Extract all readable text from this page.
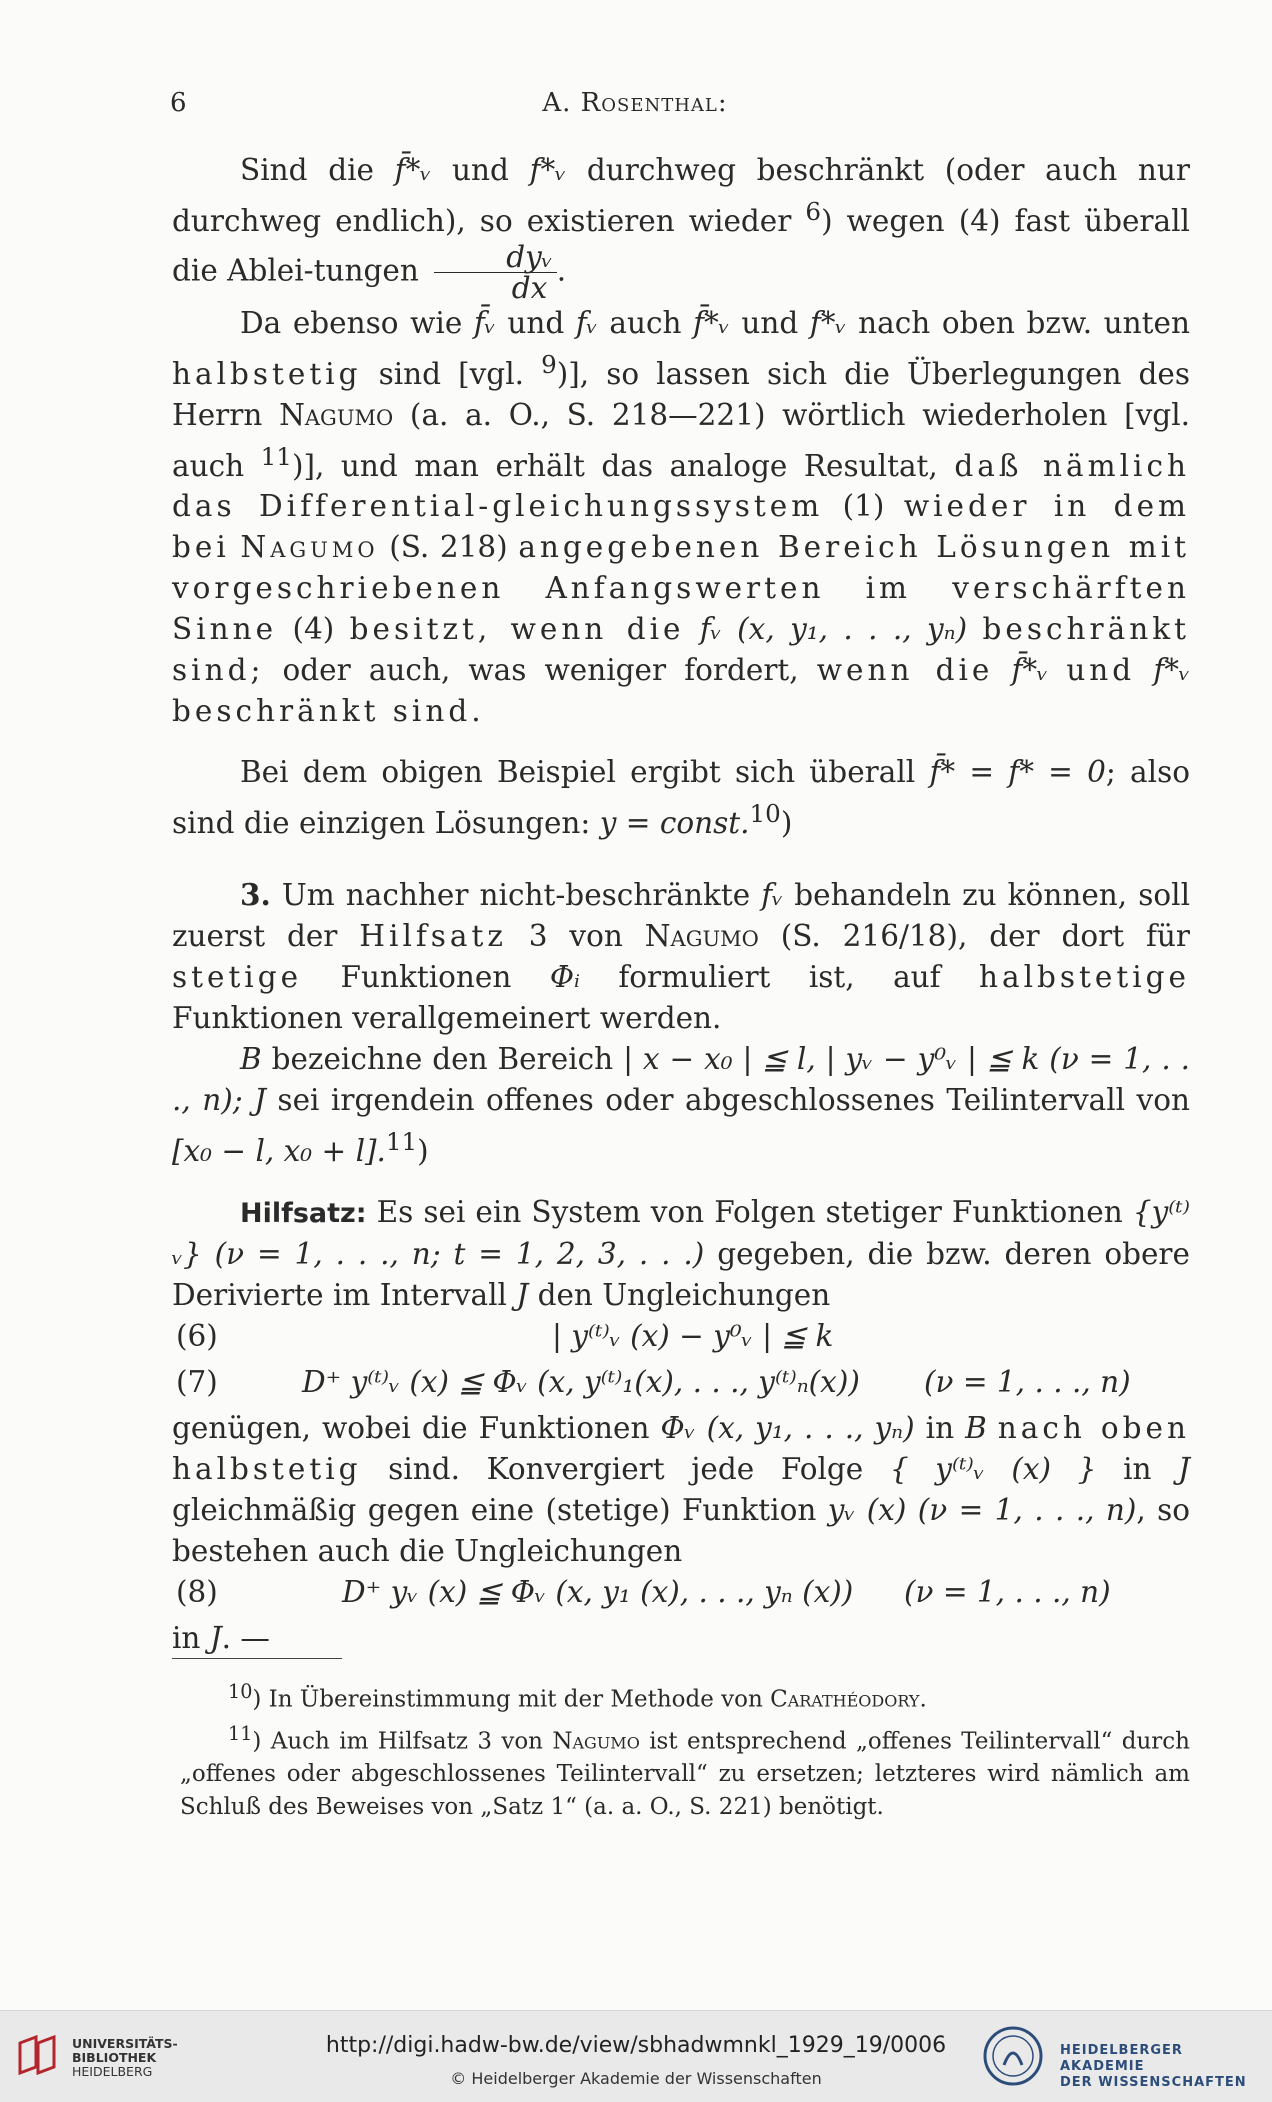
6	A. Rosenthal:

Sind die f̄*ᵥ und f*ᵥ durchweg beschränkt (oder auch nur durchweg endlich), so existieren wieder $^6$) wegen (4) fast überall die Ablei-tungen $\frac{\text{dyᵥ}}{dx}$ .

Da ebenso wie f̄ᵥ und fᵥ auch f̄*ᵥ und f*ᵥ nach oben bzw. unten halbstetig sind [vgl. $^9$)], so lassen sich die Überlegungen des Herrn Nagumo (a. a. O., S. 218—221) wörtlich wiederholen [vgl. auch $^{11}$)], und man erhält das analoge Resultat, daß nämlich das Differential-gleichungssystem (1) wieder in dem bei Nagumo (S. 218) angegebenen Bereich Lösungen mit vorgeschriebenen Anfangswerten im verschärften Sinne (4) besitzt, wenn die fᵥ (x, y₁, . . ., yₙ) beschränkt sind; oder auch, was weniger fordert, wenn die f̄*ᵥ und f*ᵥ beschränkt sind.

Bei dem obigen Beispiel ergibt sich überall f̄* = f* = 0; also sind die einzigen Lösungen: y = const.$^{10}$)

3. Um nachher nicht-beschränkte fᵥ behandeln zu können, soll zuerst der Hilfsatz 3 von Nagumo (S. 216/18), der dort für stetige Funktionen Φᵢ formuliert ist, auf halbstetige Funktionen verallgemeinert werden.

B bezeichne den Bereich | x − x₀ | ≦ l, | yᵥ − y⁰ᵥ | ≦ k (ν = 1, . . ., n); J sei irgendein offenes oder abgeschlossenes Teilintervall von [x₀ − l, x₀ + l].$^{11}$)

Hilfsatz: Es sei ein System von Folgen stetiger Funktionen {y⁽ᵗ⁾ᵥ} (ν = 1, . . ., n; t = 1, 2, 3, . . .) gegeben, die bzw. deren obere Derivierte im Intervall J den Ungleichungen

(6)	| y⁽ᵗ⁾ᵥ (x) − y⁰ᵥ | ≦ k
(7)	D⁺ y⁽ᵗ⁾ᵥ (x) ≦ Φᵥ (x, y⁽ᵗ⁾₁(x), . . ., y⁽ᵗ⁾ₙ(x)) (ν = 1, . . ., n)

genügen, wobei die Funktionen Φᵥ (x, y₁, . . ., yₙ) in B nach oben halbstetig sind. Konvergiert jede Folge { y⁽ᵗ⁾ᵥ (x) } in J gleichmäßig gegen eine (stetige) Funktion yᵥ (x) (ν = 1, . . ., n), so bestehen auch die Ungleichungen

(8)	D⁺ yᵥ (x) ≦ Φᵥ (x, y₁ (x), . . ., yₙ (x)) (ν = 1, . . ., n)

in J. —

$^{10}$) In Übereinstimmung mit der Methode von Carathéodory.

$^{11}$) Auch im Hilfsatz 3 von Nagumo ist entsprechend „offenes Teilintervall“ durch „offenes oder abgeschlossenes Teilintervall“ zu ersetzen; letzteres wird nämlich am Schluß des Beweises von „Satz 1“ (a. a. O., S. 221) benötigt.

UNIVERSITÄTS-
BIBLIOTHEK
HEIDELBERG
http://digi.hadw-bw.de/view/sbhadwmnkl_1929_19/0006
© Heidelberger Akademie der Wissenschaften
HEIDELBERGER AKADEMIE
DER WISSENSCHAFTEN
